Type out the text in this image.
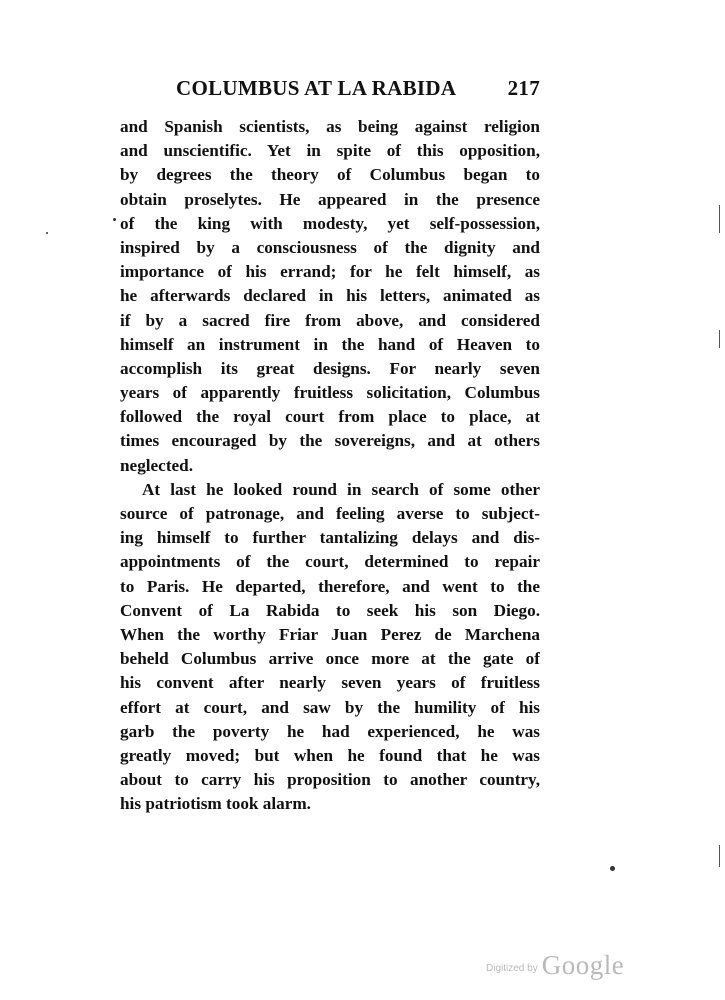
COLUMBUS AT LA RABIDA 217
and Spanish scientists, as being against religion
and unscientific. Yet in spite of this opposition,
by degrees the theory of Columbus began to
obtain proselytes. He appeared in the presence
of the king with modesty, yet self-possession,
inspired by a consciousness of the dignity and
importance of his errand; for he felt himself, as
he afterwards declared in his letters, animated as
if by a sacred fire from above, and considered
himself an instrument in the hand of Heaven to
accomplish its great designs. For nearly seven
years of apparently fruitless solicitation, Columbus
followed the royal court from place to place, at
times encouraged by the sovereigns, and at others
neglected.
At last he looked round in search of some other
source of patronage, and feeling averse to subject-
ing himself to further tantalizing delays and dis-
appointments of the court, determined to repair
to Paris. He departed, therefore, and went to the
Convent of La Rabida to seek his son Diego.
When the worthy Friar Juan Perez de Marchena
beheld Columbus arrive once more at the gate of
his convent after nearly seven years of fruitless
effort at court, and saw by the humility of his
garb the poverty he had experienced, he was
greatly moved; but when he found that he was
about to carry his proposition to another country,
his patriotism took alarm.
Digitized by Google
